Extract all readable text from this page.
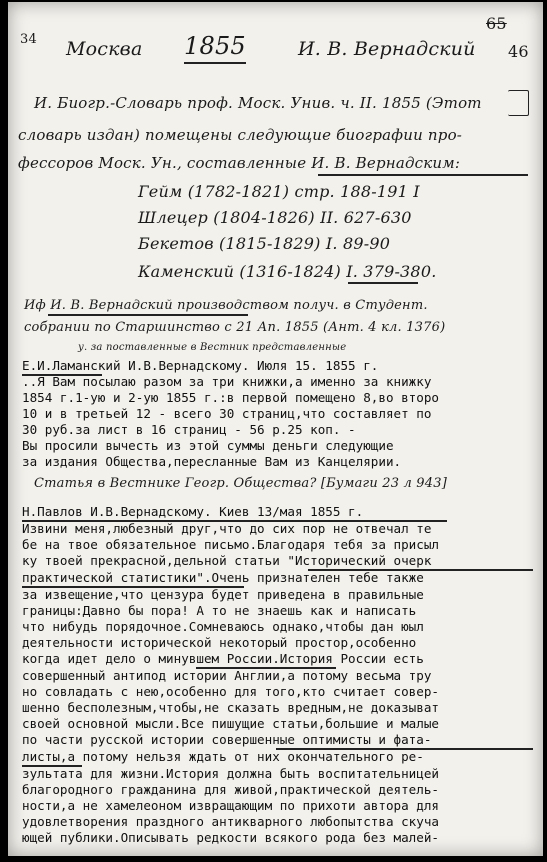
34 Москва 1855	И. В. Вернадский
65
46
И. Биогр.-Словарь проф. Моск. Унив. ч. II. 1855 (Этот
словарь издан) помещены следующие биографии про-
фессоров Моск. Ун., составленные И. В. Вернадским:
Гейм (1782-1821) стр. 188-191 I
Шлецер (1804-1826) II. 627-630
Бекетов (1815-1829) I. 89-90
Каменский (1316-1824) I. 379-380.
Иф И. В. Вернадский производством получ. в Студент.
собрании по Старшинство с 21 Ап. 1855 (Ант. 4 кл. 1376)
у. за поставленные в Вестник представленные
Е.И.Ламанский И.В.Вернадскому. Июля 15. 1855 г.
..Я Вам посылаю разом за три книжки,а именно за книжку
1854 г.1-ую и 2-ую 1855 г.:в первой помещено 8,во второ
10 и в третьей 12 - всего 30 страниц,что составляет по
30 руб.за лист в 16 страниц - 56 р.25 коп. -
Вы просили вычесть из этой суммы деньги следующие
за издания Общества,пересланные Вам из Канцелярии.
Статья в Вестнике Геогр. Общества? [Бумаги 23 л 943]
Н.Павлов И.В.Вернадскому. Киев 13/мая 1855 г.
Извини меня,любезный друг,что до сих пор не отвечал те
бе на твое обязательное письмо.Благодаря тебя за присыл
ку твоей прекрасной,дельной статьи "Исторический очерк
практической статистики".Очень признателен тебе также
за извещение,что цензура будет приведена в правильные
границы:Давно бы пора! А то не знаешь как и написать
что нибудь порядочное.Сомневаюсь однако,чтобы дан юыл
деятельности исторической некоторый простор,особенно
когда идет дело о минувшем России.История России есть
совершенный антипод истории Англии,а потому весьма тру
но совладать с нею,особенно для того,кто считает совер-
шенно бесполезным,чтобы,не сказать вредным,не доказыват
своей основной мысли.Все пишущие статьи,большие и малые
по части русской истории совершенные оптимисты и фата-
листы,а потому нельзя ждать от них окончательного ре-
зультата для жизни.История должна быть воспитательницей
благородного гражданина для живой,практической деятель-
ности,а не хамелеоном извращающим по прихоти автора для
удовлетворения праздного антикварного любопытства скуча
ющей публики.Описывать редкости всякого рода без малей-
